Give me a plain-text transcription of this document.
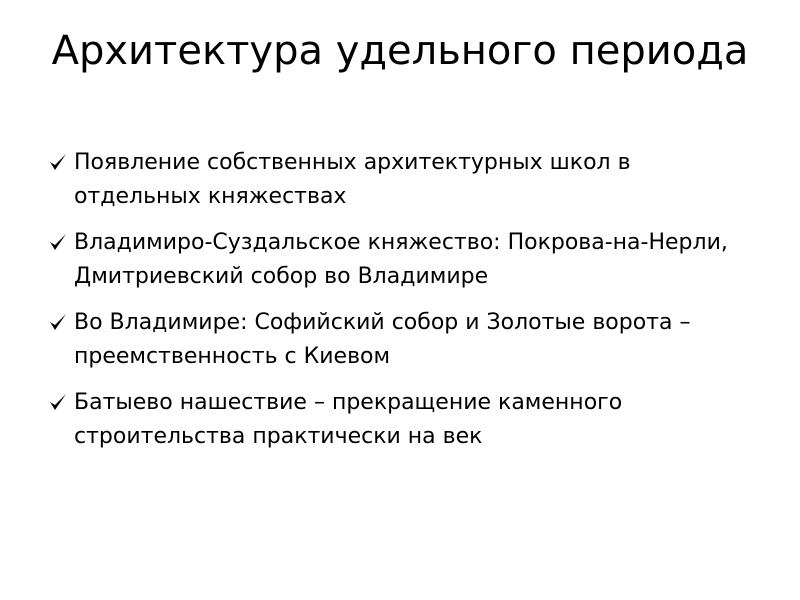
Архитектура удельного периода
Появление собственных архитектурных школ в отдельных княжествах
Владимиро-Суздальское княжество: Покрова-на-Нерли, Дмитриевский собор во Владимире
Во Владимире: Софийский собор и Золотые ворота – преемственность с Киевом
Батыево нашествие – прекращение каменного строительства практически на век
